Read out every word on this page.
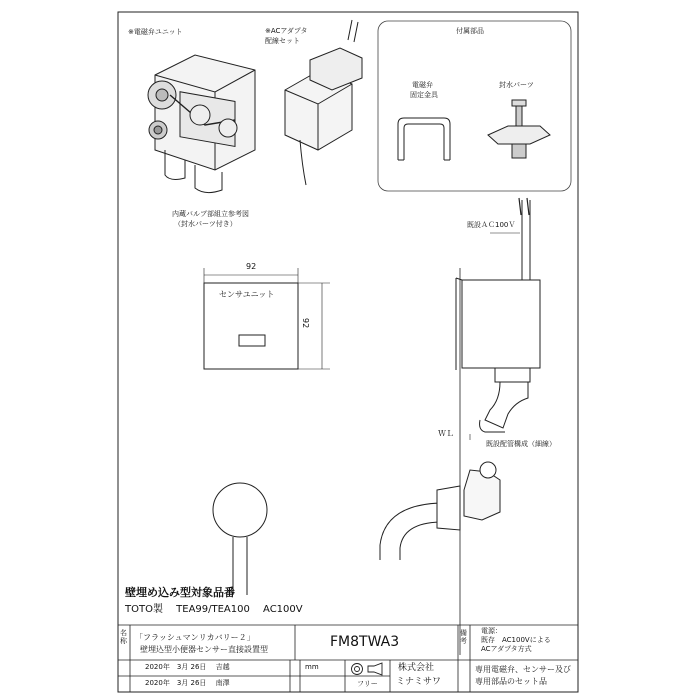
※電磁弁ユニット	※ACアダプタ
配線セット
付属部品
電磁弁
固定金具
封水パーツ
内蔵バルブ部組立参考図
（封水パーツ付き）	既設ＡＣ100Ｖ
センサユニット
92
92
ＷＬ
既設配管構成（細線）
壁埋め込み型対象品番
TOTO製　 TEA99/TEA100　 AC100V
名称 「フラッシュマンリカバリー２」
壁埋込型小便器センサー直接設置型	FM8TWA3
備考
電源：
既存　AC100Vによる
ACアダプタ方式
専用電磁弁、センサー及び
専用部品のセット品
2020年　3月 26日　 吉越
2020年　3月 26日　 南澤
mm
フリー
株式会社
ミナミサワ
